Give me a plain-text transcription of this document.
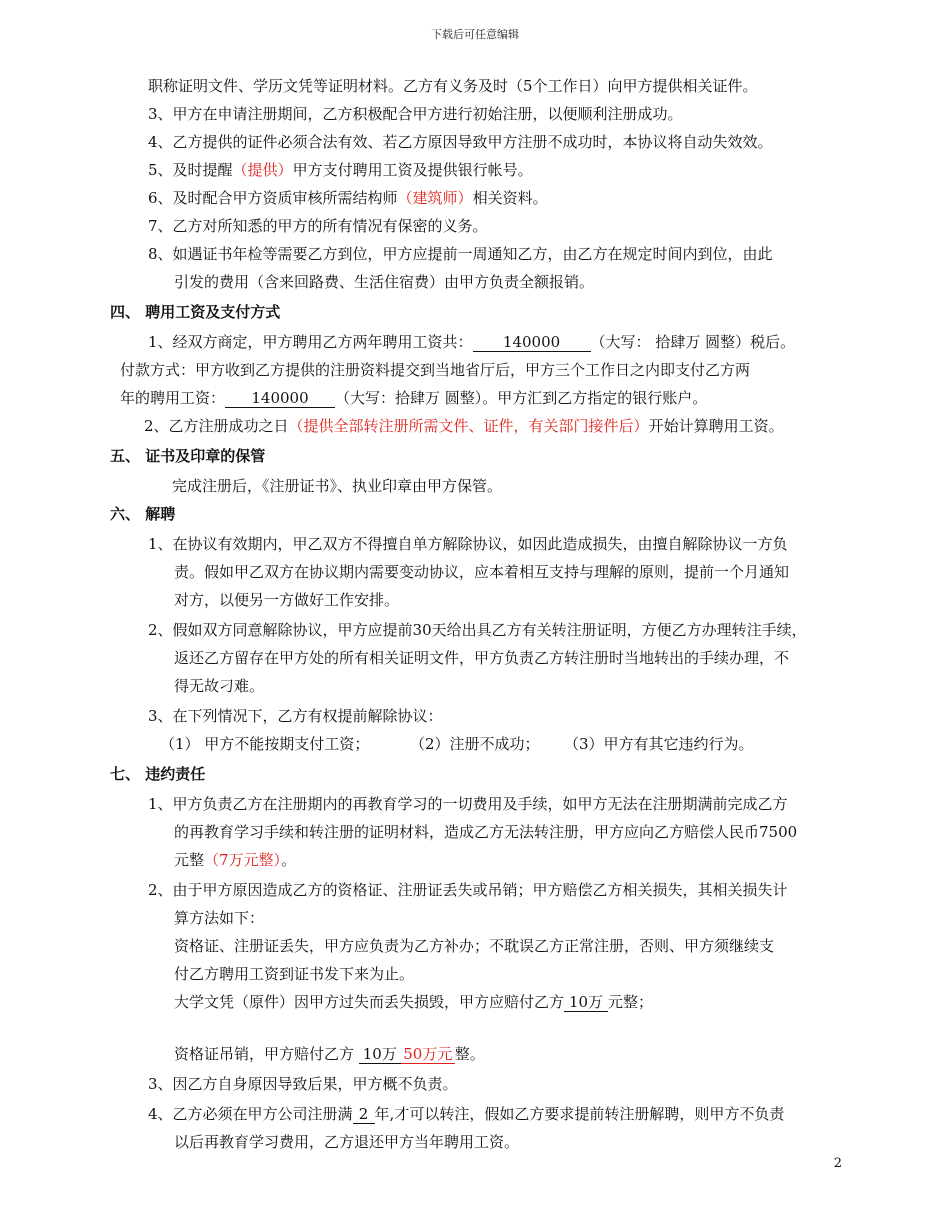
下载后可任意编辑
职称证明文件、学历文凭等证明材料。乙方有义务及时（5个工作日）向甲方提供相关证件。
3、甲方在申请注册期间，乙方积极配合甲方进行初始注册，以便顺利注册成功。
4、乙方提供的证件必须合法有效、若乙方原因导致甲方注册不成功时，本协议将自动失效效。
5、及时提醒（提供）甲方支付聘用工资及提供银行帐号。
6、及时配合甲方资质审核所需结构师（建筑师）相关资料。
7、乙方对所知悉的甲方的所有情况有保密的义务。
8、如遇证书年检等需要乙方到位，甲方应提前一周通知乙方，由乙方在规定时间内到位，由此
引发的费用（含来回路费、生活住宿费）由甲方负责全额报销。
四、 聘用工资及支付方式
1、经双方商定，甲方聘用乙方两年聘用工资共： 140000 （大写： 拾肆万 圆整）税后。
付款方式：甲方收到乙方提供的注册资料提交到当地省厅后，甲方三个工作日之内即支付乙方两
年的聘用工资： 140000 （大写：拾肆万 圆整）。甲方汇到乙方指定的银行账户。
2、乙方注册成功之日（提供全部转注册所需文件、证件，有关部门接件后）开始计算聘用工资。
五、 证书及印章的保管
完成注册后，《注册证书》、执业印章由甲方保管。
六、 解聘
1、在协议有效期内，甲乙双方不得擅自单方解除协议，如因此造成损失，由擅自解除协议一方负
责。假如甲乙双方在协议期内需要变动协议，应本着相互支持与理解的原则，提前一个月通知
对方，以便另一方做好工作安排。
2、假如双方同意解除协议，甲方应提前30天给出具乙方有关转注册证明，方便乙方办理转注手续，
返还乙方留存在甲方处的所有相关证明文件，甲方负责乙方转注册时当地转出的手续办理，不
得无故刁难。
3、在下列情况下，乙方有权提前解除协议：
（1） 甲方不能按期支付工资；	（2）注册不成功； （3）甲方有其它违约行为。
七、 违约责任
1、甲方负责乙方在注册期内的再教育学习的一切费用及手续，如甲方无法在注册期满前完成乙方
的再教育学习手续和转注册的证明材料，造成乙方无法转注册，甲方应向乙方赔偿人民币7500
元整（7万元整）。
2、由于甲方原因造成乙方的资格证、注册证丢失或吊销；甲方赔偿乙方相关损失，其相关损失计
算方法如下：
资格证、注册证丢失，甲方应负责为乙方补办；不耽误乙方正常注册，否则、甲方须继续支
付乙方聘用工资到证书发下来为止。
大学文凭（原件）因甲方过失而丢失损毁，甲方应赔付乙方 10万 元整；
资格证吊销，甲方赔付乙方 10万 50万元 整。
3、因乙方自身原因导致后果，甲方概不负责。
4、乙方必须在甲方公司注册满 2 年,才可以转注，假如乙方要求提前转注册解聘，则甲方不负责
以后再教育学习费用，乙方退还甲方当年聘用工资。
2
